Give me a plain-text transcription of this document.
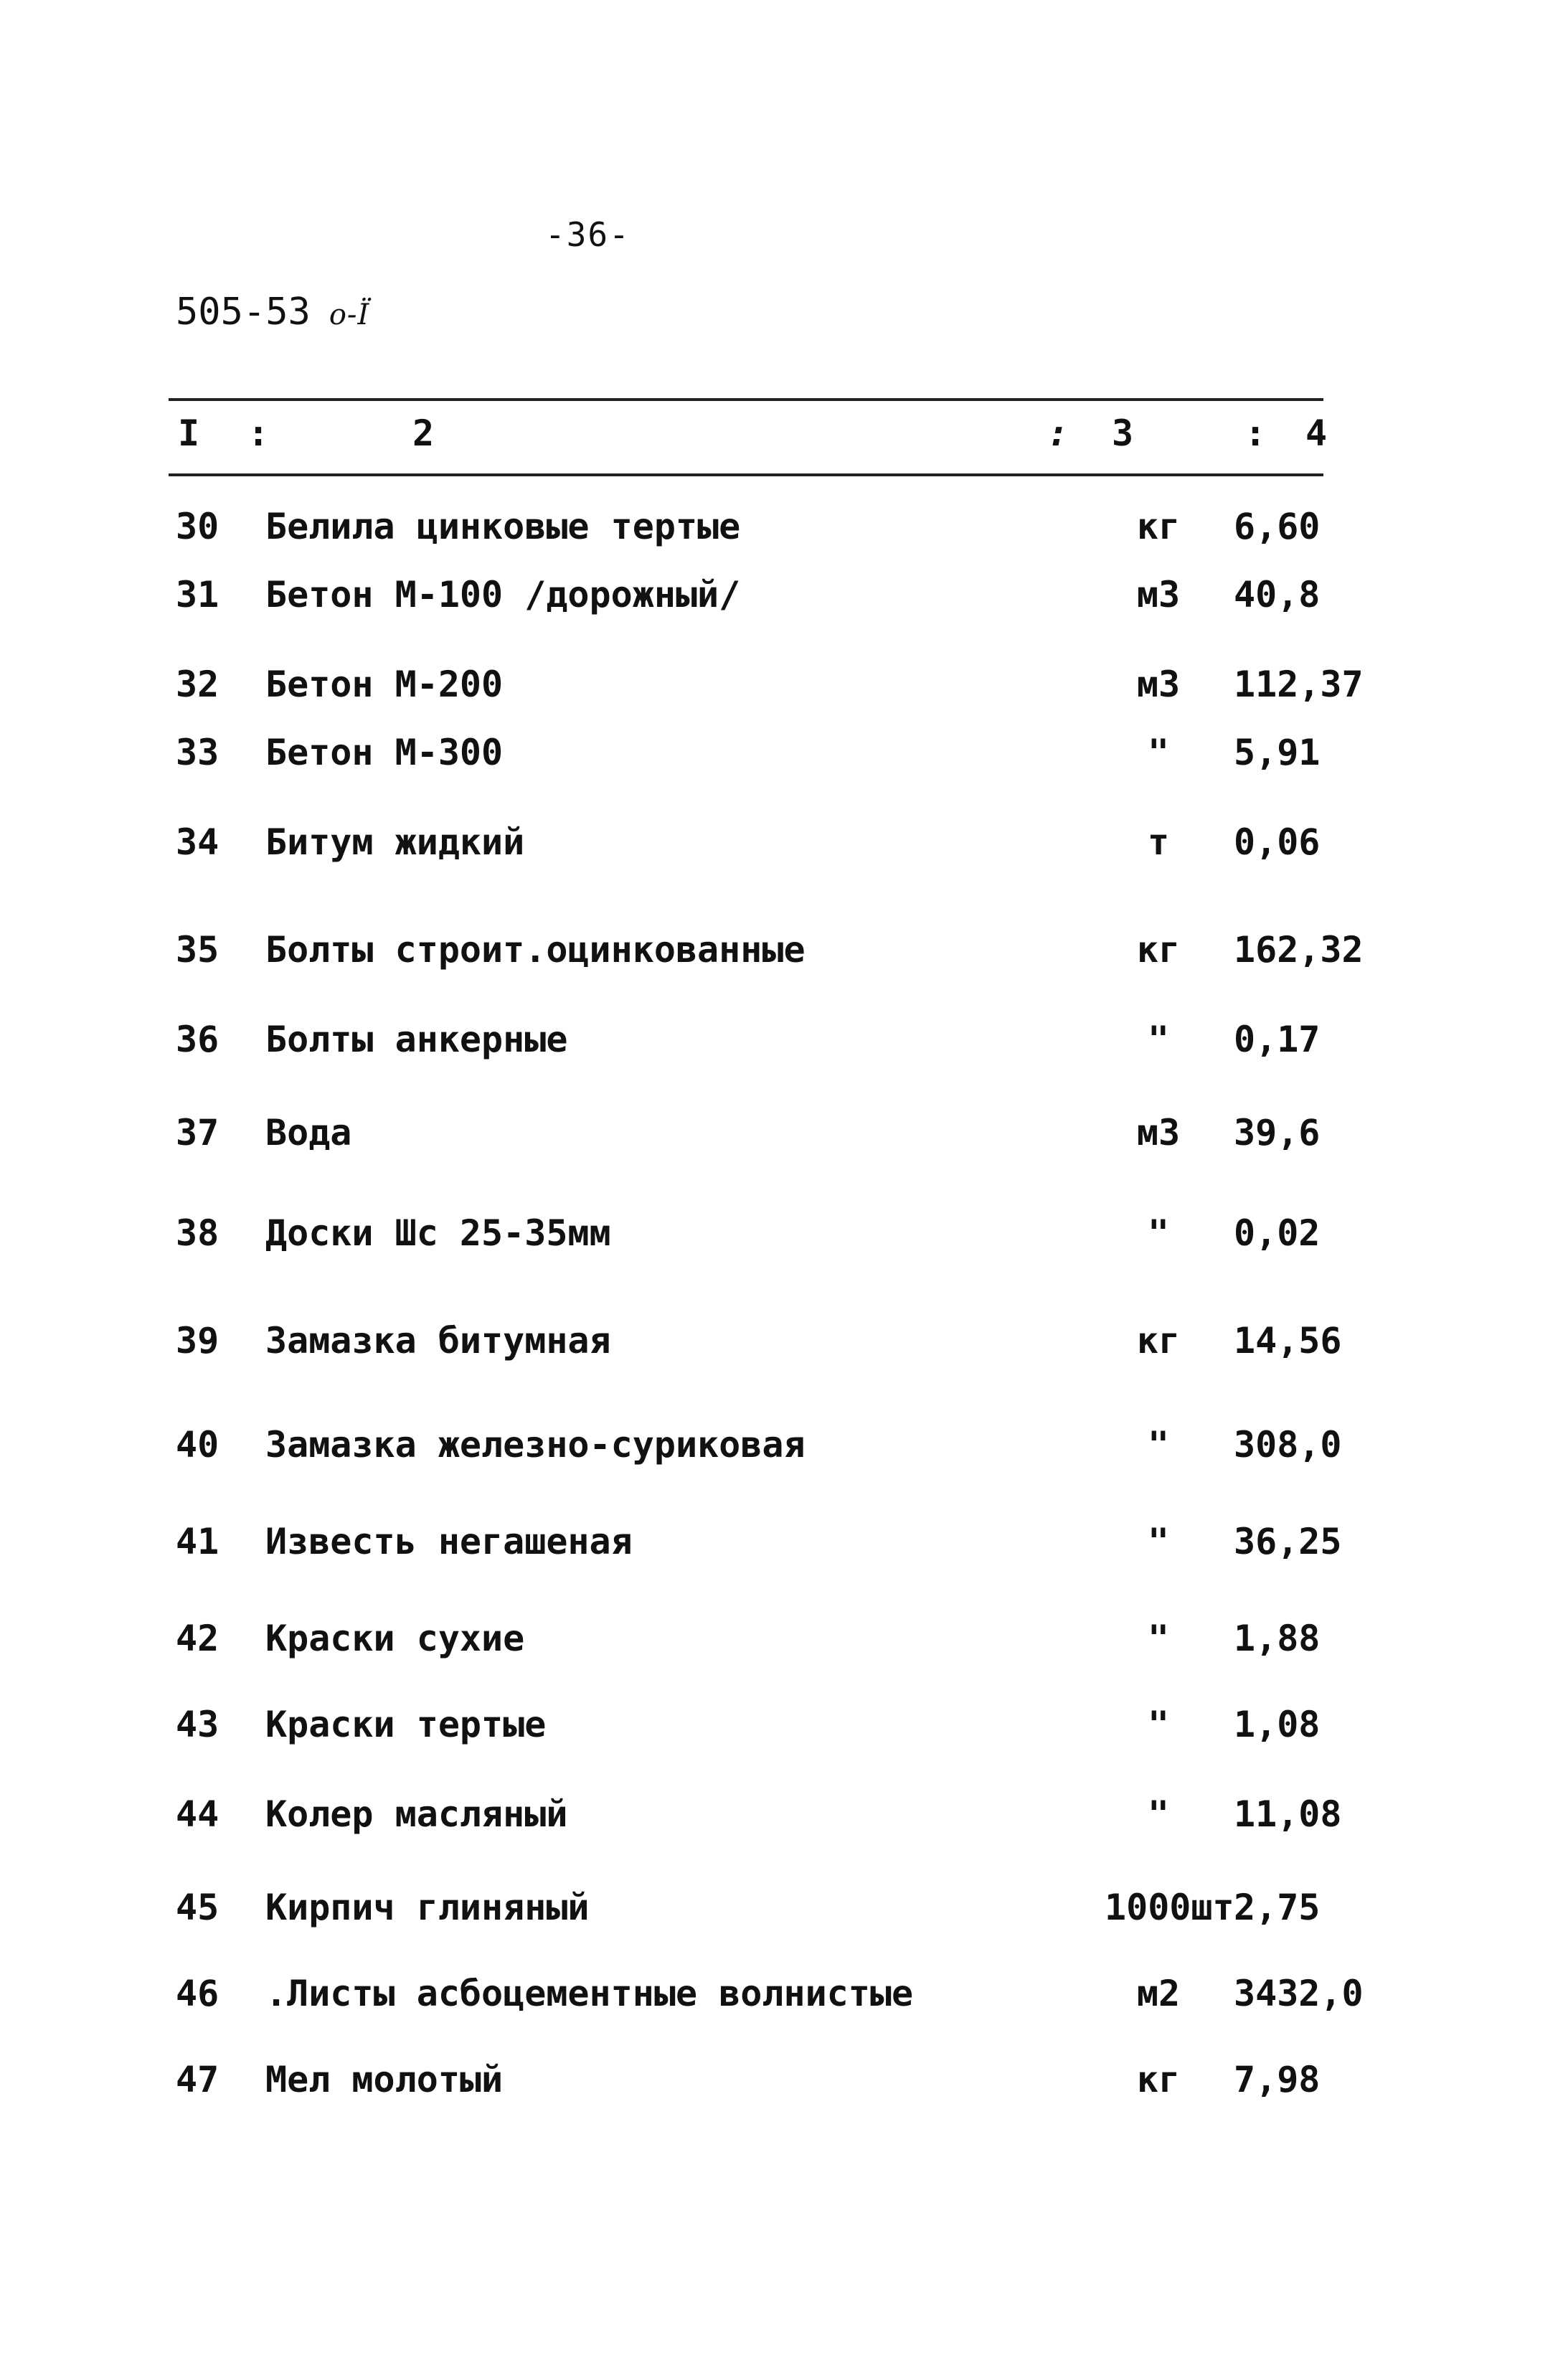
-36-
505-53 о-Ї
I :	2	: 3	: 4
30 Белила цинковые тертые	кг	6,60
31 Бетон М-100 /дорожный/	м3	40,8
32 Бетон М-200	м3	112,37
33 Бетон М-300	"	5,91
34 Битум жидкий	т	0,06
35 Болты строит.оцинкованные	кг	162,32
36 Болты анкерные	"	0,17
37 Вода	м3	39,6
38 Доски Шс 25-35мм	"	0,02
39 Замазка битумная	кг	14,56
40 Замазка железно-суриковая	"	308,0
41 Известь негашеная	"	36,25
42 Краски сухие	"	1,88
43 Краски тертые	"	1,08
44 Колер масляный	"	11,08
45 Кирпич глиняный	1000шт 2,75
46 .Листы асбоцементные волнистые	м2	3432,0
47 Мел молотый	кг	7,98
